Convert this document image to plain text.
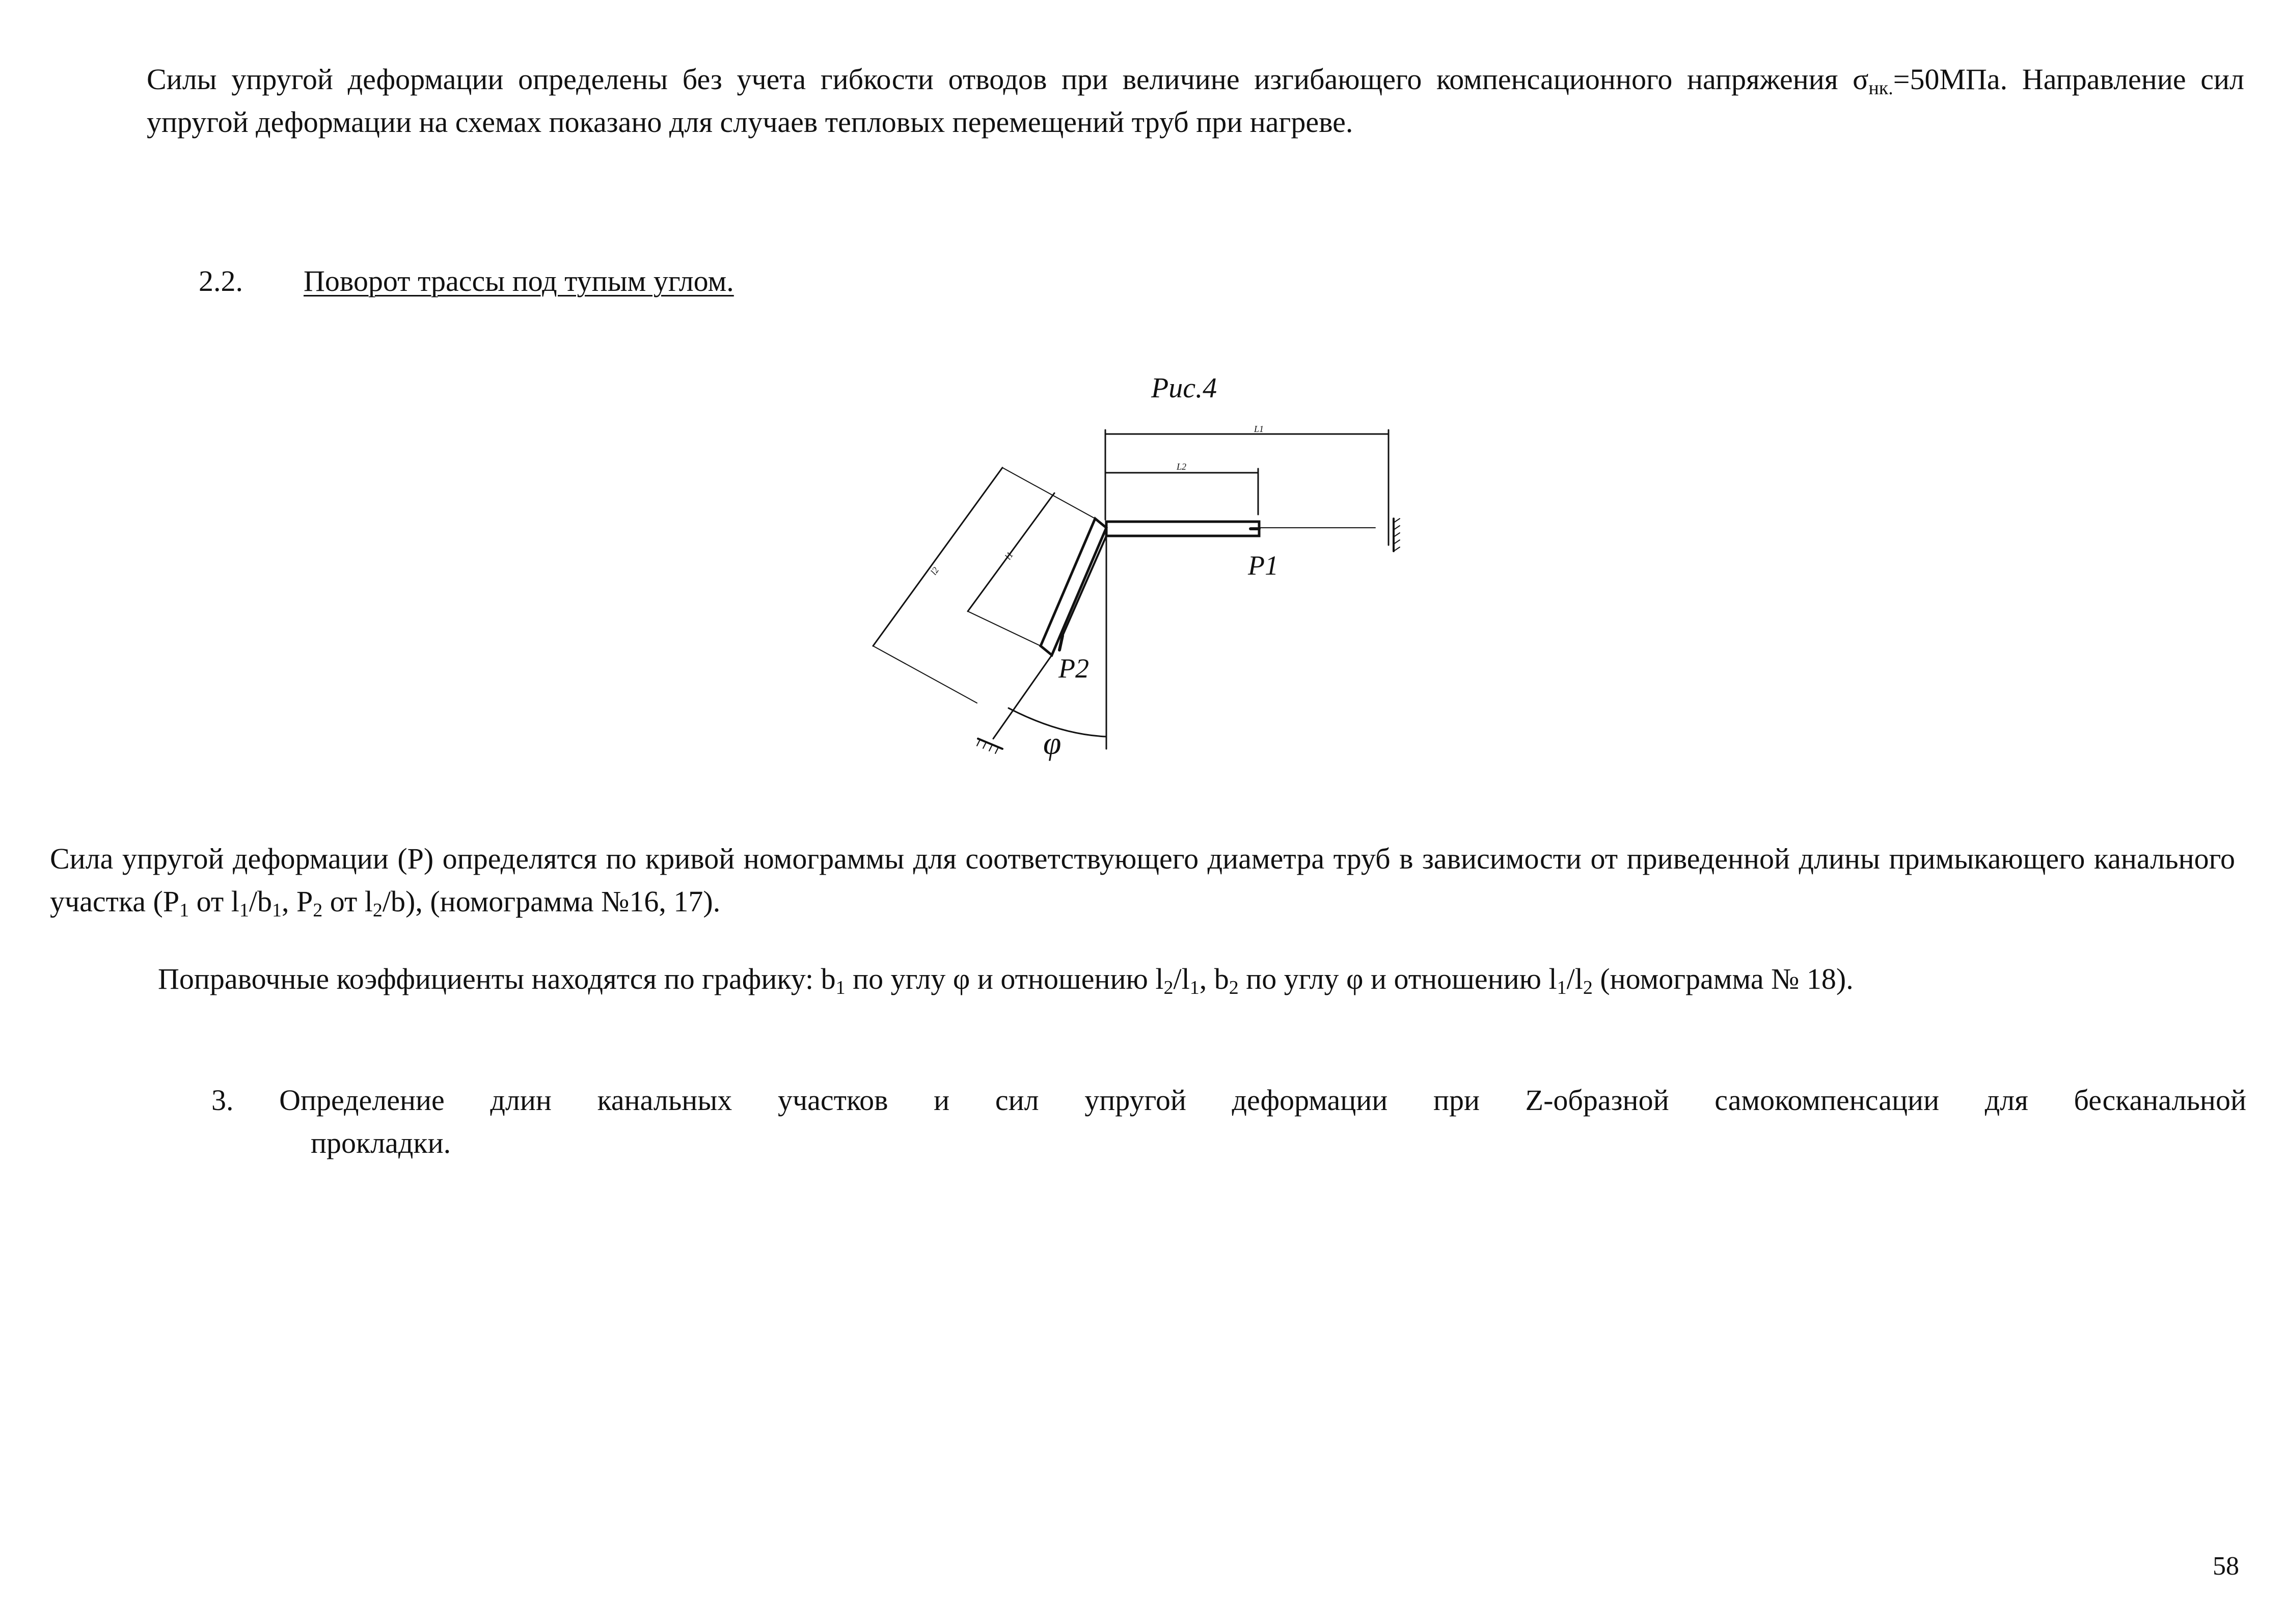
Силы упругой деформации определены без учета гибкости отводов при величине изгибающего компенсационного напряжения $\sigma_{нк.}=50МПа$. Направление сил упругой деформации на схемах показано для случаев тепловых перемещений труб при нагреве.

2.2. Поворот трассы под тупым углом.
Рис.4
P1
P2
φ
L1
L2
l2
l1

Сила упругой деформации (P) определятся по кривой номограммы для соответствующего диаметра труб в зависимости от приведенной длины примыкающего канального участка ($P_1$ от $l_1/b_1$, $P_2$ от $l_2/b$), (номограмма №16, 17).

Поправочные коэффициенты находятся по графику: $b_1$ по углу φ и отношению $l_2/l_1$, $b_2$ по углу φ и отношению $l_1/l_2$ (номограмма № 18).

3. Определение длин канальных участков и сил упругой деформации при Z-образной самокомпенсации для бесканальной
прокладки.
58
